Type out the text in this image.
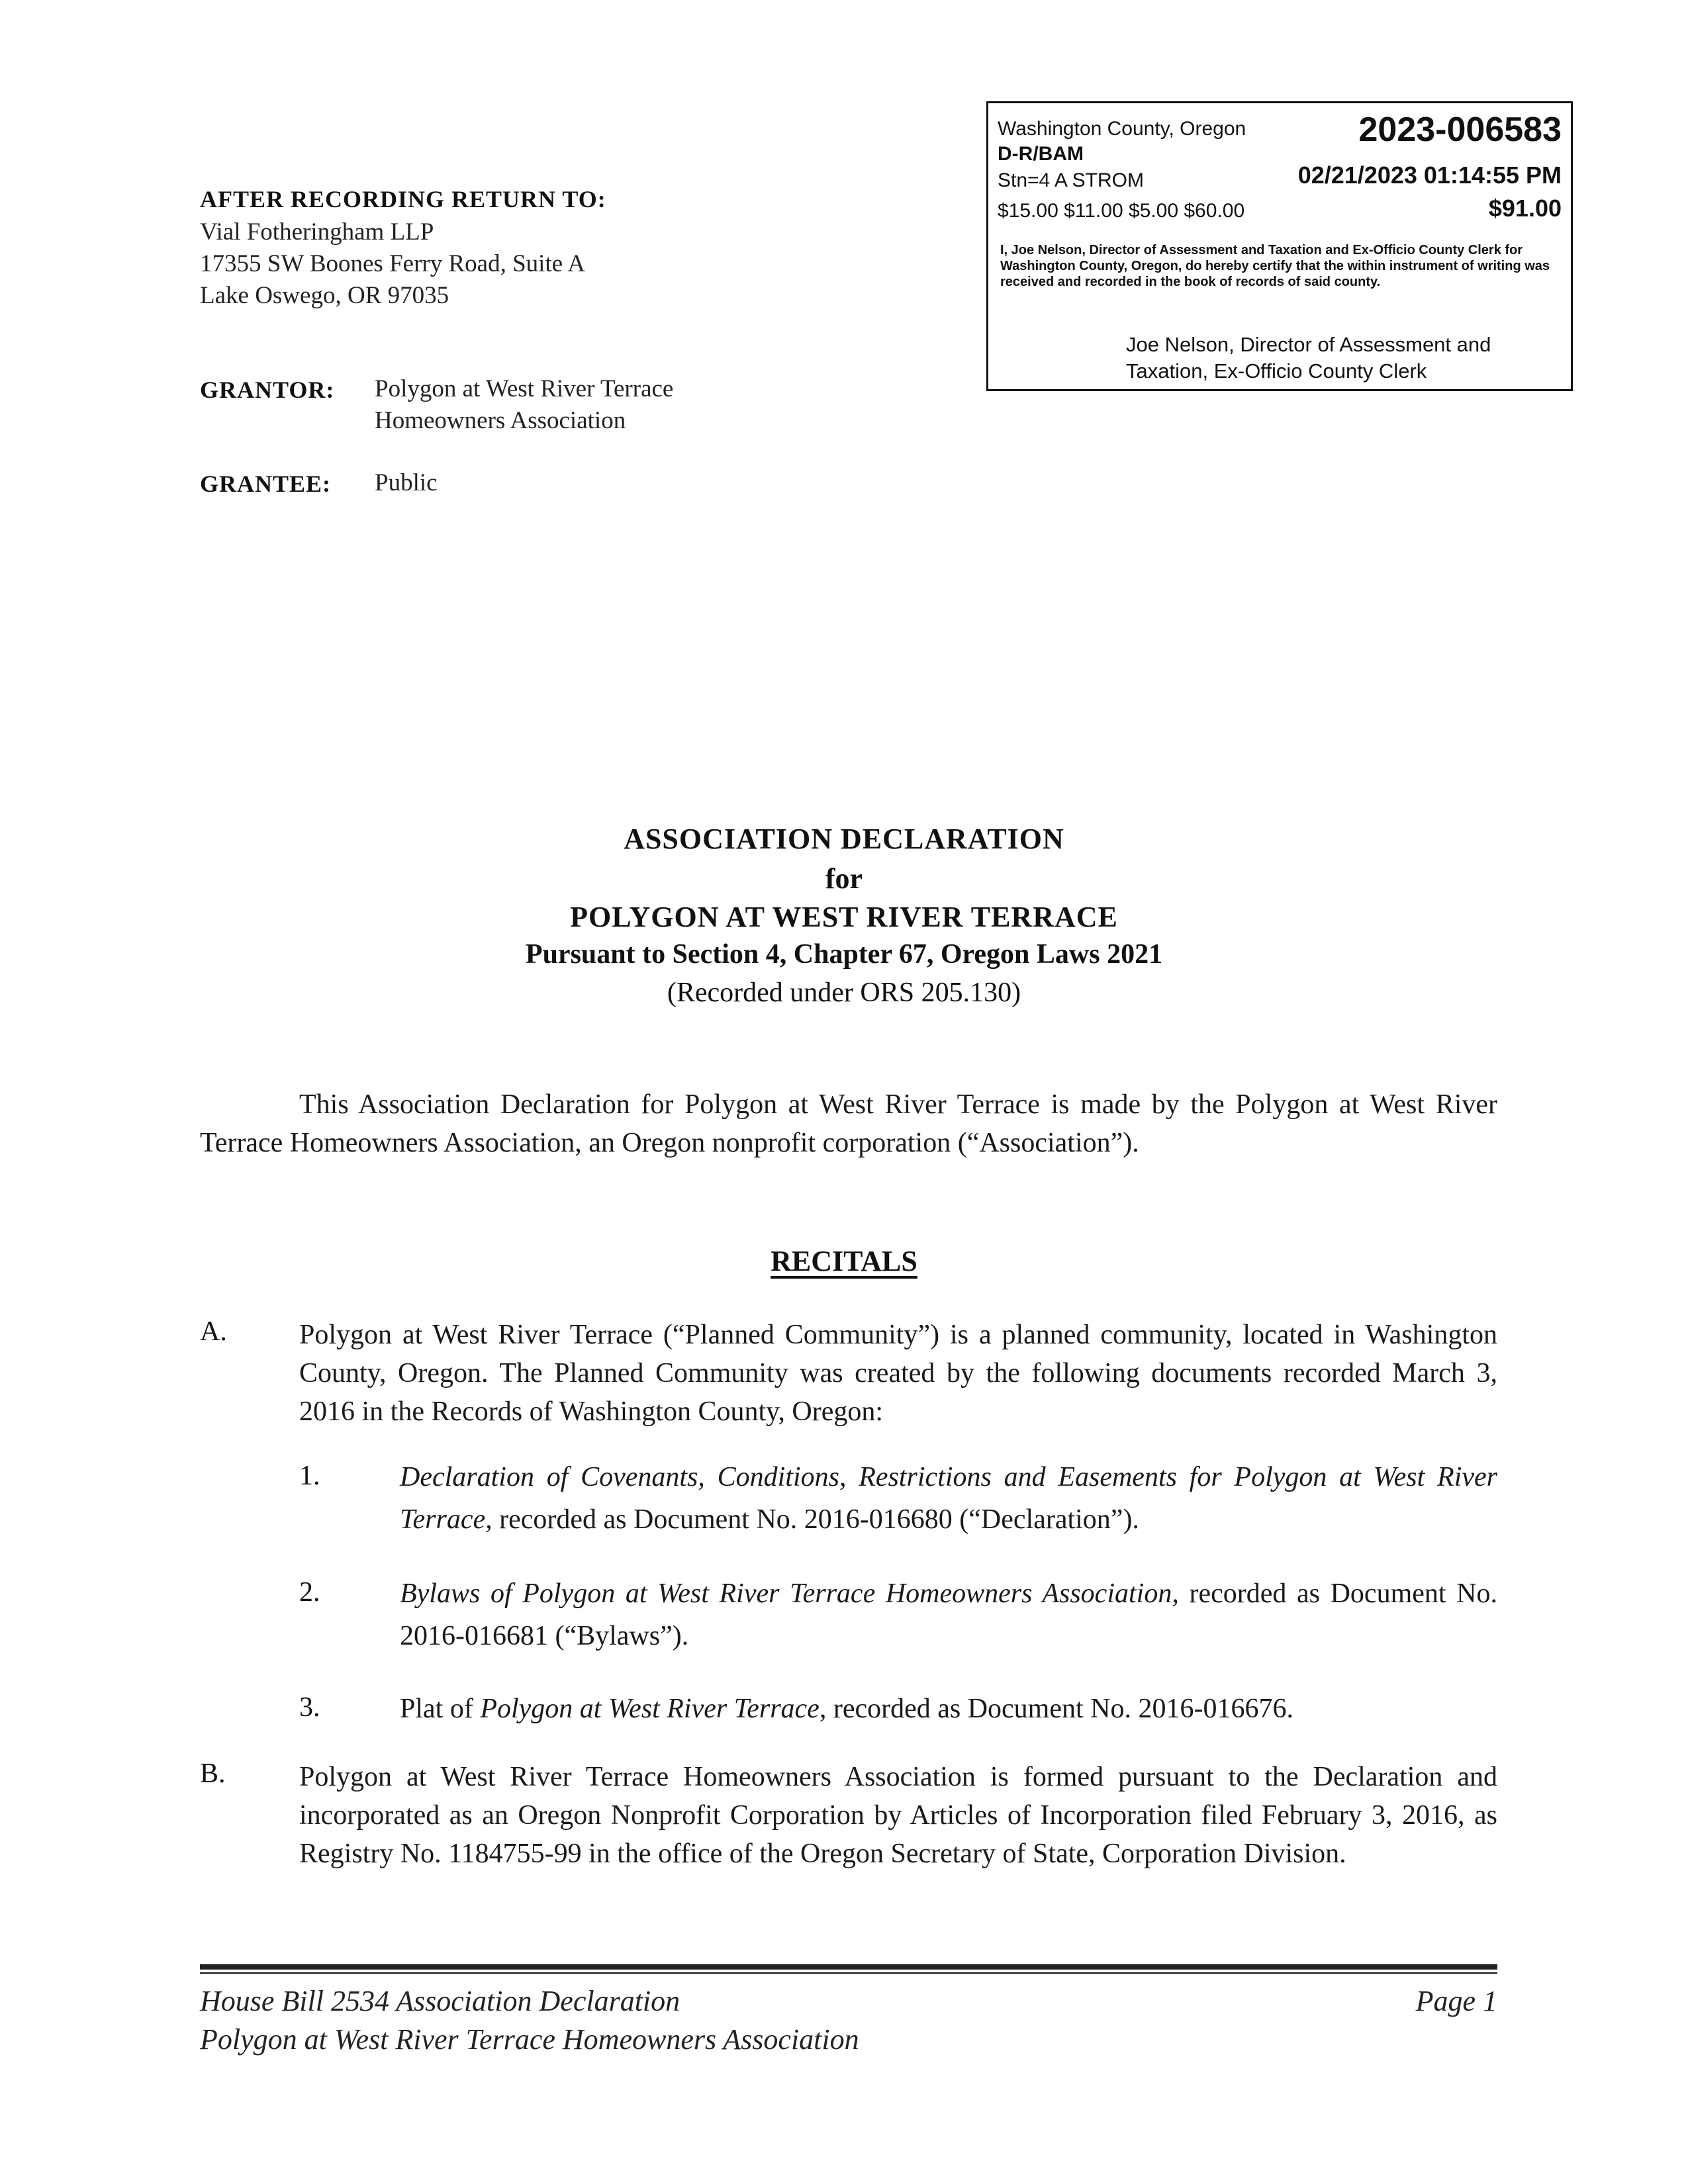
AFTER RECORDING RETURN TO:
Vial Fotheringham LLP
17355 SW Boones Ferry Road, Suite A
Lake Oswego, OR 97035
GRANTOR: Polygon at West River Terrace
Homeowners Association
GRANTEE: Public
Washington County, Oregon	2023-006583
D-R/BAM
Stn=4 A STROM	02/21/2023 01:14:55 PM
$15.00 $11.00 $5.00 $60.00	$91.00
I, Joe Nelson, Director of Assessment and Taxation and Ex-Officio County Clerk for Washington County, Oregon, do hereby certify that the within instrument of writing was received and recorded in the book of records of said county.
Joe Nelson, Director of Assessment and
Taxation, Ex-Officio County Clerk
ASSOCIATION DECLARATION
for
POLYGON AT WEST RIVER TERRACE
Pursuant to Section 4, Chapter 67, Oregon Laws 2021
(Recorded under ORS 205.130)
This Association Declaration for Polygon at West River Terrace is made by the Polygon at West River Terrace Homeowners Association, an Oregon nonprofit corporation (“Association”).
RECITALS
A.	Polygon at West River Terrace (“Planned Community”) is a planned community, located in Washington County, Oregon. The Planned Community was created by the following documents recorded March 3, 2016 in the Records of Washington County, Oregon:
1.	Declaration of Covenants, Conditions, Restrictions and Easements for Polygon at West River Terrace, recorded as Document No. 2016-016680 (“Declaration”).
2.	Bylaws of Polygon at West River Terrace Homeowners Association, recorded as Document No. 2016-016681 (“Bylaws”).
3.	Plat of Polygon at West River Terrace, recorded as Document No. 2016-016676.
B.	Polygon at West River Terrace Homeowners Association is formed pursuant to the Declaration and incorporated as an Oregon Nonprofit Corporation by Articles of Incorporation filed February 3, 2016, as Registry No. 1184755-99 in the office of the Oregon Secretary of State, Corporation Division.
House Bill 2534 Association Declaration
Polygon at West River Terrace Homeowners Association
Page 1
